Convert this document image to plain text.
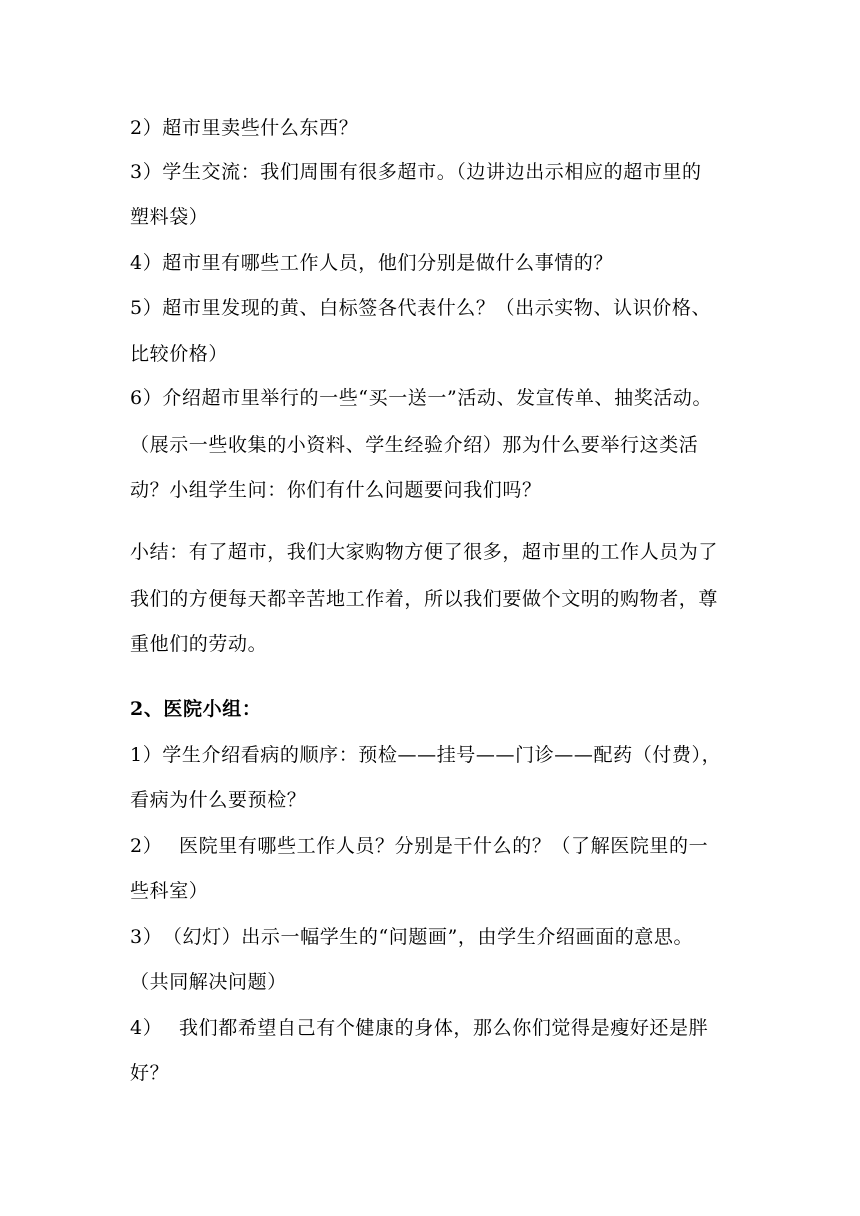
2）超市里卖些什么东西？
3）学生交流：我们周围有很多超市。（边讲边出示相应的超市里的
塑料袋）
4）超市里有哪些工作人员，他们分别是做什么事情的？
5）超市里发现的黄、白标签各代表什么？（出示实物、认识价格、
比较价格）
6）介绍超市里举行的一些“买一送一”活动、发宣传单、抽奖活动。
（展示一些收集的小资料、学生经验介绍）那为什么要举行这类活
动？小组学生问：你们有什么问题要问我们吗？
小结：有了超市，我们大家购物方便了很多，超市里的工作人员为了
我们的方便每天都辛苦地工作着，所以我们要做个文明的购物者，尊
重他们的劳动。
2、医院小组：
1）学生介绍看病的顺序：预检——挂号——门诊——配药（付费），
看病为什么要预检？
2）　 医院里有哪些工作人员？分别是干什么的？（了解医院里的一
些科室）
3）　（幻灯）出示一幅学生的“问题画”，由学生介绍画面的意思。
（共同解决问题）
4）　 我们都希望自己有个健康的身体，那么你们觉得是瘦好还是胖
好？
